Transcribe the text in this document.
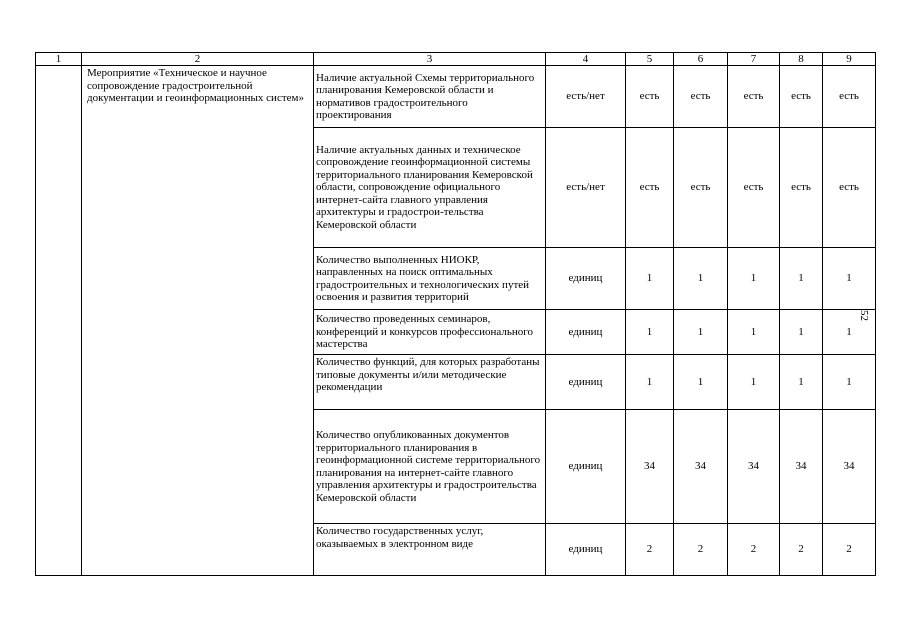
1	2	3	4	5	6	7	8	9
	Мероприятие «Техническое и научное сопровождение градостроительной документации и геоинформационных систем»	Наличие актуальной Схемы территориального планирования Кемеровской области и нормативов градостроительного проектирования	есть/нет	есть	есть	есть	есть	есть
		Наличие актуальных данных и техническое сопровождение геоинформационной системы территориального планирования Кемеровской области, сопровождение официального интернет-сайта главного управления архитектуры и градострои-тельства Кемеровской области	есть/нет	есть	есть	есть	есть	есть
		Количество выполненных НИОКР, направленных на поиск оптимальных градостроительных и технологических путей освоения и развития территорий	единиц	1	1	1	1	1
		Количество проведенных семинаров, конференций и конкурсов профессионального мастерства	единиц	1	1	1	1	1
		Количество функций, для которых разработаны типовые документы и/или методические рекомендации	единиц	1	1	1	1	1
		Количество опубликованных документов территориального планирования в геоинформационной системе территориального планирования на интернет-сайте главного управления архитектуры и градостроительства Кемеровской области	единиц	34	34	34	34	34
		Количество государственных услуг, оказываемых в электронном виде	единиц	2	2	2	2	2
52
